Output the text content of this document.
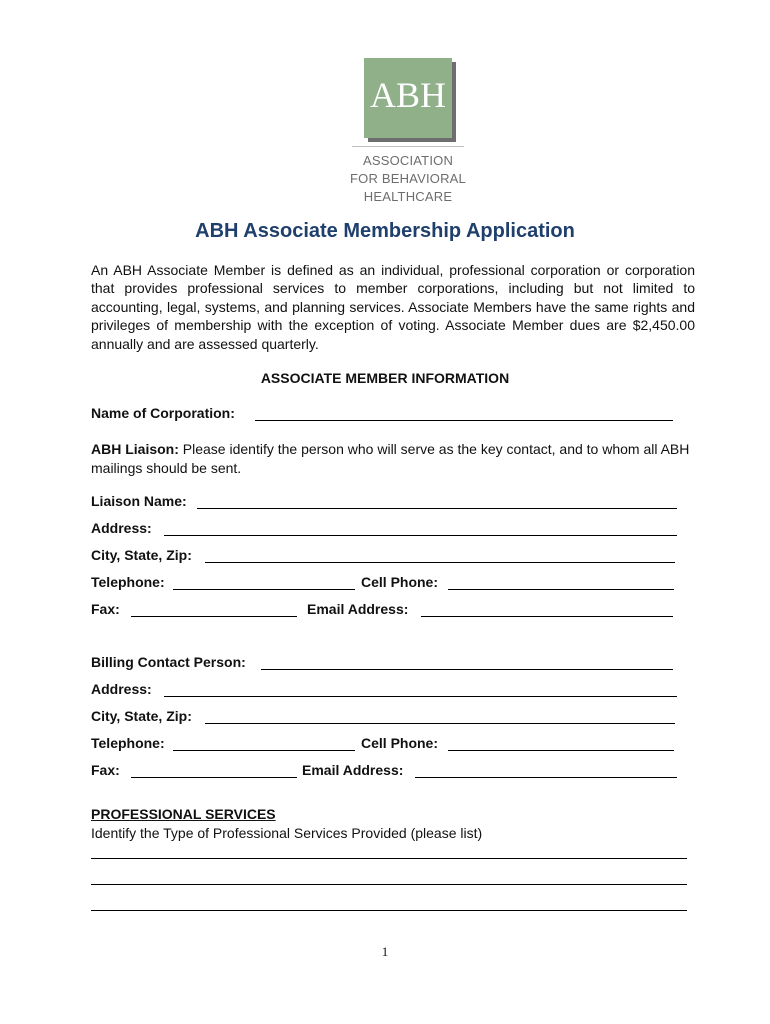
ABH
ASSOCIATION
FOR BEHAVIORAL
HEALTHCARE
ABH Associate Membership Application
An ABH Associate Member is defined as an individual, professional corporation or corporation that provides professional services to member corporations, including but not limited to accounting, legal, systems, and planning services. Associate Members have the same rights and privileges of membership with the exception of voting. Associate Member dues are $2,450.00 annually and are assessed quarterly.
ASSOCIATE MEMBER INFORMATION
Name of Corporation:
ABH Liaison: Please identify the person who will serve as the key contact, and to whom all ABH mailings should be sent.
Liaison Name:
Address:
City, State, Zip:
Telephone:	Cell Phone:
Fax:	Email Address:
Billing Contact Person:
Address:
City, State, Zip:
Telephone:	Cell Phone:
Fax:	Email Address:
PROFESSIONAL SERVICES
Identify the Type of Professional Services Provided (please list)
1
